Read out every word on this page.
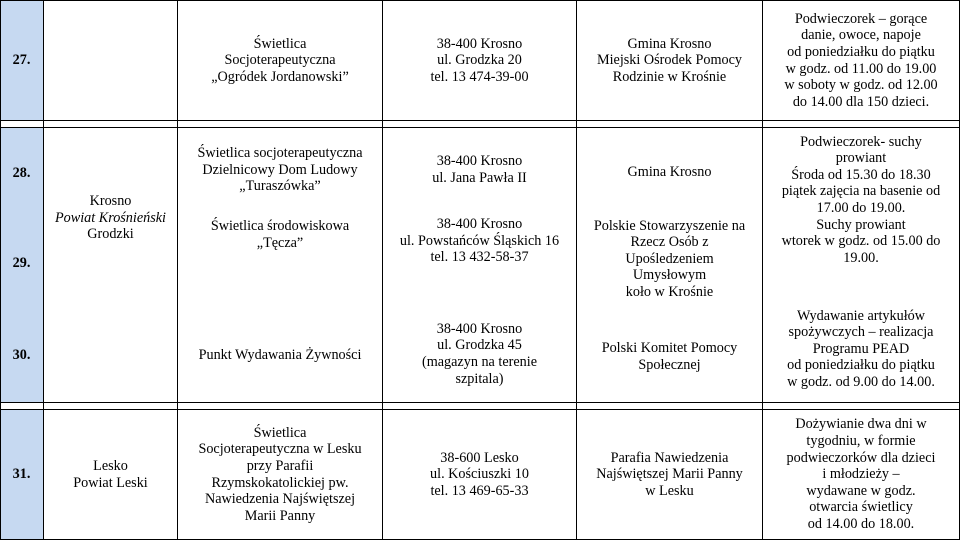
27.
Świetlica
Socjoterapeutyczna
„Ogródek Jordanowski”
38-400 Krosno
ul. Grodzka 20
tel. 13 474-39-00
Gmina Krosno
Miejski Ośrodek Pomocy
Rodzinie w Krośnie
Podwieczorek – gorące
danie, owoce, napoje
od poniedziałku do piątku
w godz. od 11.00 do 19.00
w soboty w godz. od 12.00
do 14.00 dla 150 dzieci.
28.
29.
30.
Krosno
Powiat Krośnieński
Grodzki
Świetlica socjoterapeutyczna
Dzielnicowy Dom Ludowy
„Turaszówka”
Świetlica środowiskowa
„Tęcza”
Punkt Wydawania Żywności
38-400 Krosno
ul. Jana Pawła II
38-400 Krosno
ul. Powstańców Śląskich 16
tel. 13 432-58-37
38-400 Krosno
ul. Grodzka 45
(magazyn na terenie
szpitala)
Gmina Krosno
Polskie Stowarzyszenie na
Rzecz Osób z
Upośledzeniem
Umysłowym
koło w Krośnie
Polski Komitet Pomocy
Społecznej
Podwieczorek- suchy
prowiant
Środa od 15.30 do 18.30
piątek zajęcia na basenie od
17.00 do 19.00.
Suchy prowiant
wtorek w godz. od 15.00 do
19.00.
Wydawanie artykułów
spożywczych – realizacja
Programu PEAD
od poniedziałku do piątku
w godz. od 9.00 do 14.00.
31.
Lesko
Powiat Leski
Świetlica
Socjoterapeutyczna w Lesku
przy Parafii
Rzymskokatolickiej pw.
Nawiedzenia Najświętszej
Marii Panny
38-600 Lesko
ul. Kościuszki 10
tel. 13 469-65-33
Parafia Nawiedzenia
Najświętszej Marii Panny
w Lesku
Dożywianie dwa dni w
tygodniu, w formie
podwieczorków dla dzieci
i młodzieży –
wydawane w godz.
otwarcia świetlicy
od 14.00 do 18.00.
